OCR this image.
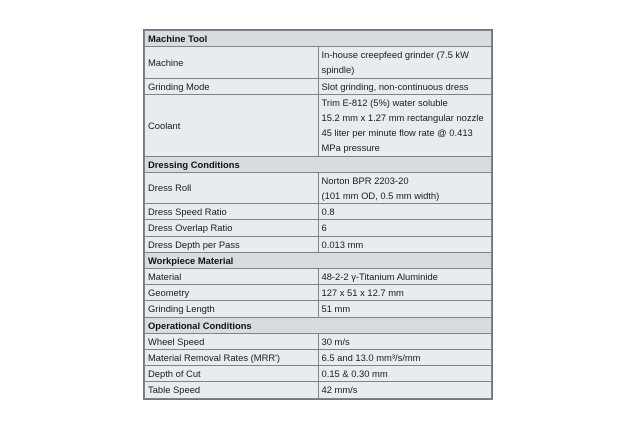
Machine Tool	
Machine	In-house creepfeed grinder (7.5 kW
spindle)

Grinding Mode	Slot grinding, non-continuous dress

Coolant	Trim E-812 (5%) water soluble
15.2 mm x 1.27 mm rectangular nozzle
45 liter per minute flow rate @ 0.413
MPa pressure

Dressing Conditions	
Dress Roll	Norton BPR 2203-20
(101 mm OD, 0.5 mm width)

Dress Speed Ratio	0.8

Dress Overlap Ratio	6

Dress Depth per Pass	0.013 mm

Workpiece Material	
Material	48-2-2 γ-Titanium Aluminide

Geometry	127 x 51 x 12.7 mm

Grinding Length	51 mm

Operational Conditions	
Wheel Speed	30 m/s

Material Removal Rates (MRR')	6.5 and 13.0 mm³/s/mm

Depth of Cut	0.15 & 0.30 mm

Table Speed	42 mm/s
